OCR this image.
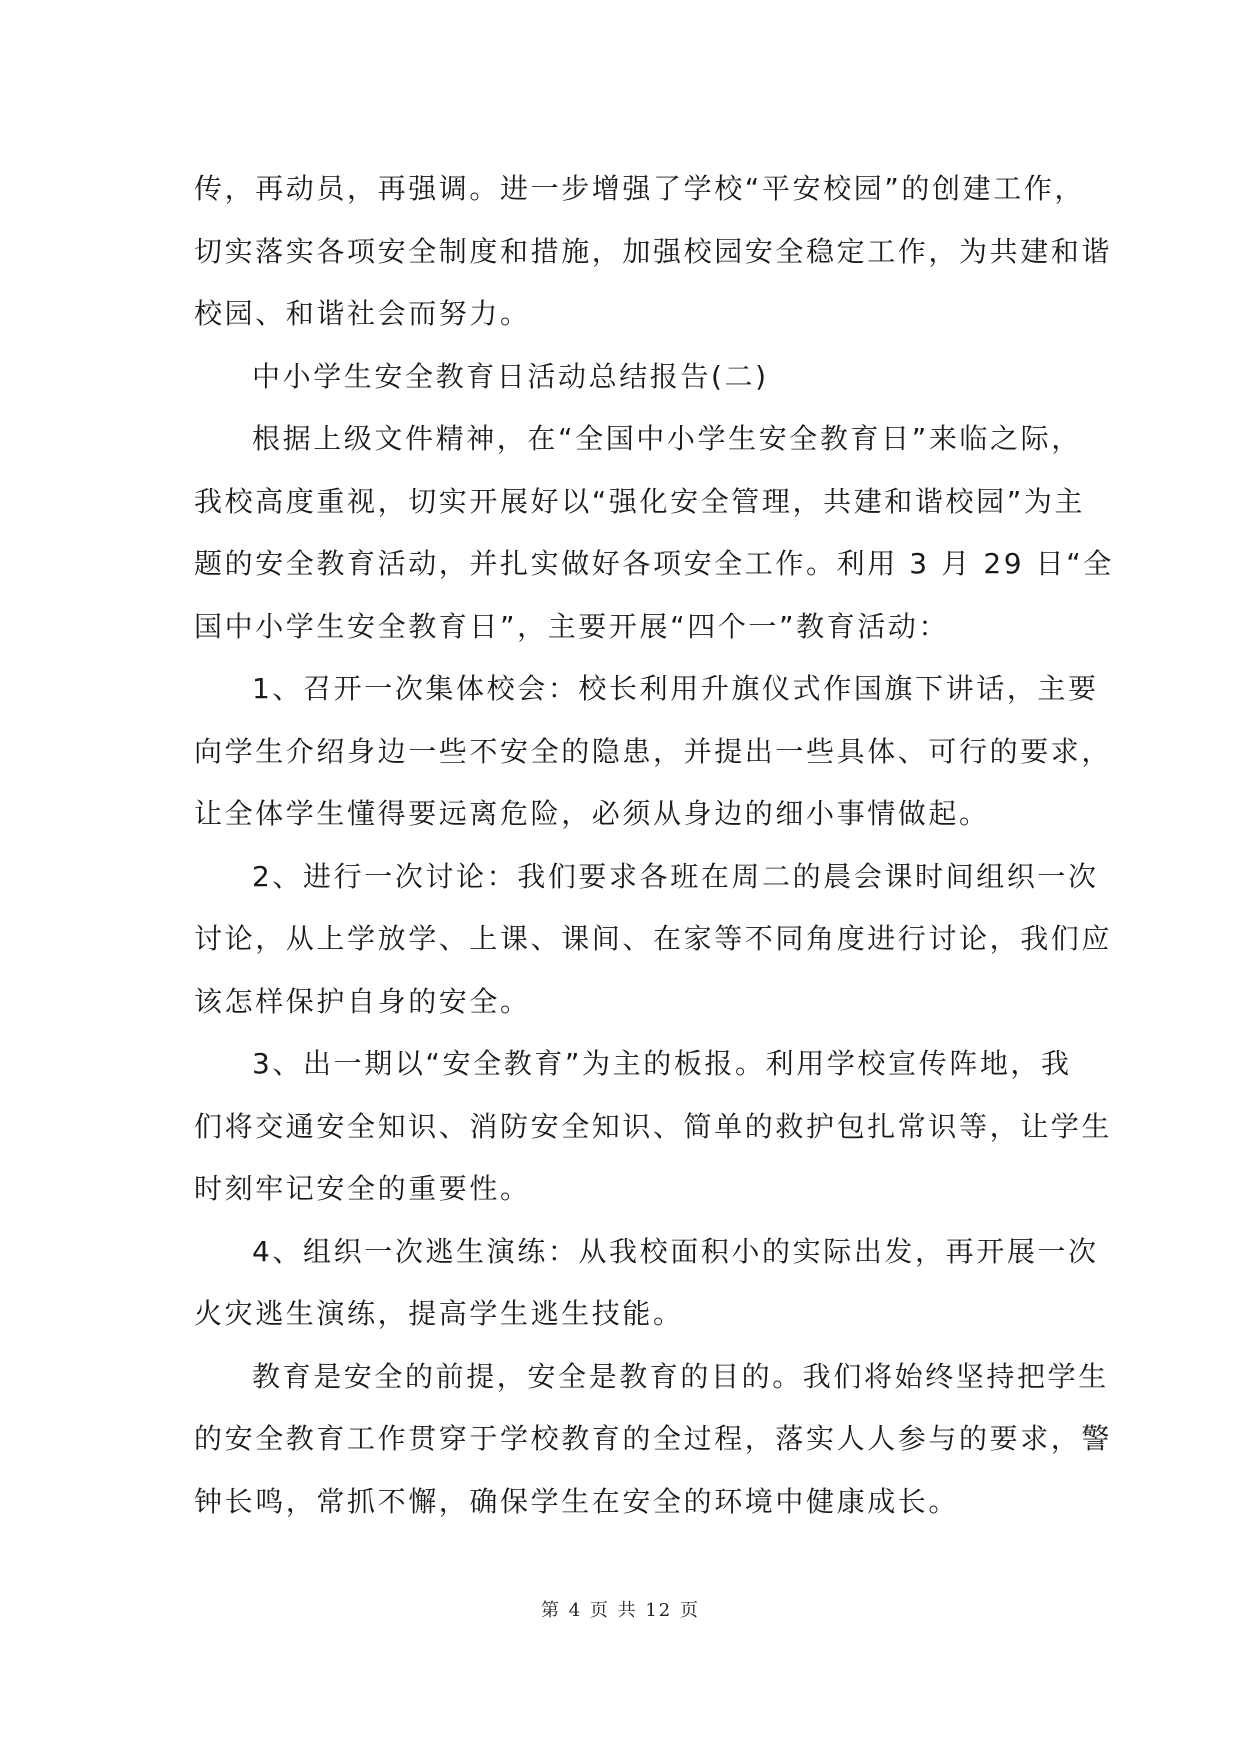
传，再动员，再强调。进一步增强了学校“平安校园”的创建工作，
切实落实各项安全制度和措施，加强校园安全稳定工作，为共建和谐
校园、和谐社会而努力。

中小学生安全教育日活动总结报告(二)

根据上级文件精神，在“全国中小学生安全教育日”来临之际，
我校高度重视，切实开展好以“强化安全管理，共建和谐校园”为主
题的安全教育活动，并扎实做好各项安全工作。利用 3 月 29 日“全
国中小学生安全教育日”，主要开展“四个一”教育活动：

1、召开一次集体校会：校长利用升旗仪式作国旗下讲话，主要
向学生介绍身边一些不安全的隐患，并提出一些具体、可行的要求，
让全体学生懂得要远离危险，必须从身边的细小事情做起。

2、进行一次讨论：我们要求各班在周二的晨会课时间组织一次
讨论，从上学放学、上课、课间、在家等不同角度进行讨论，我们应
该怎样保护自身的安全。

3、出一期以“安全教育”为主的板报。利用学校宣传阵地，我
们将交通安全知识、消防安全知识、简单的救护包扎常识等，让学生
时刻牢记安全的重要性。

4、组织一次逃生演练：从我校面积小的实际出发，再开展一次
火灾逃生演练，提高学生逃生技能。

教育是安全的前提，安全是教育的目的。我们将始终坚持把学生
的安全教育工作贯穿于学校教育的全过程，落实人人参与的要求，警
钟长鸣，常抓不懈，确保学生在安全的环境中健康成长。

第 4 页 共 12 页
